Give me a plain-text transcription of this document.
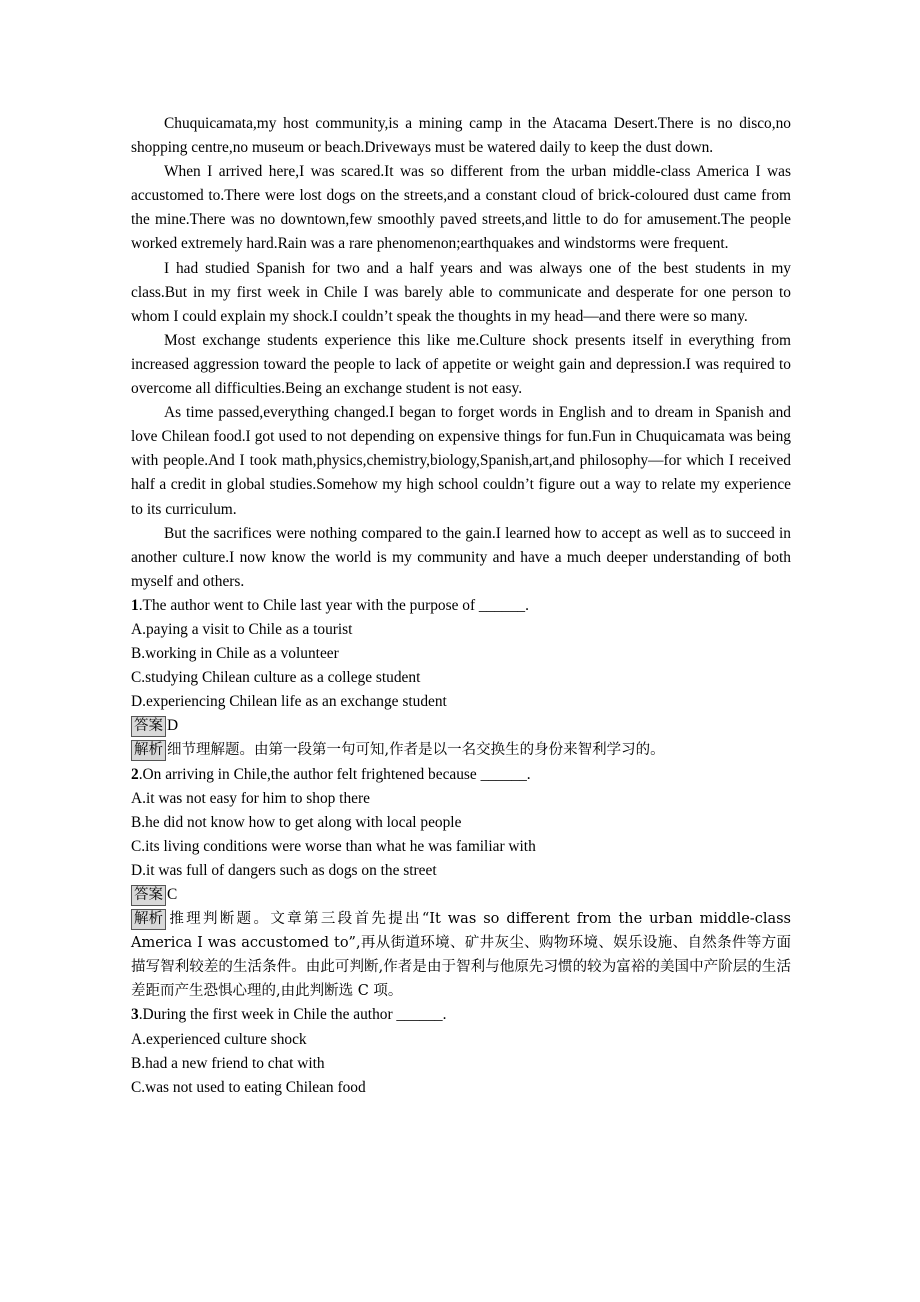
Chuquicamata,my host community,is a mining camp in the Atacama Desert.There is no disco,no shopping centre,no museum or beach.Driveways must be watered daily to keep the dust down.

When I arrived here,I was scared.It was so different from the urban middle-class America I was accustomed to.There were lost dogs on the streets,and a constant cloud of brick-coloured dust came from the mine.There was no downtown,few smoothly paved streets,and little to do for amusement.The people worked extremely hard.Rain was a rare phenomenon;earthquakes and windstorms were frequent.

I had studied Spanish for two and a half years and was always one of the best students in my class.But in my first week in Chile I was barely able to communicate and desperate for one person to whom I could explain my shock.I couldn’t speak the thoughts in my head—and there were so many.

Most exchange students experience this like me.Culture shock presents itself in everything from increased aggression toward the people to lack of appetite or weight gain and depression.I was required to overcome all difficulties.Being an exchange student is not easy.

As time passed,everything changed.I began to forget words in English and to dream in Spanish and love Chilean food.I got used to not depending on expensive things for fun.Fun in Chuquicamata was being with people.And I took math,physics,chemistry,biology,Spanish,art,and philosophy—for which I received half a credit in global studies.Somehow my high school couldn’t figure out a way to relate my experience to its curriculum.

But the sacrifices were nothing compared to the gain.I learned how to accept as well as to succeed in another culture.I now know the world is my community and have a much deeper understanding of both myself and others.

1.The author went to Chile last year with the purpose of ______.

A.paying a visit to Chile as a tourist

B.working in Chile as a volunteer

C.studying Chilean culture as a college student

D.experiencing Chilean life as an exchange student

答案 D

解析 细节理解题。由第一段第一句可知,作者是以一名交换生的身份来智利学习的。

2.On arriving in Chile,the author felt frightened because ______.

A.it was not easy for him to shop there

B.he did not know how to get along with local people

C.its living conditions were worse than what he was familiar with

D.it was full of dangers such as dogs on the street

答案 C

解析 推理判断题。文章第三段首先提出“It was so different from the urban middle-class America I was accustomed to”,再从街道环境、矿井灰尘、购物环境、娱乐设施、自然条件等方面描写智利较差的生活条件。由此可判断,作者是由于智利与他原先习惯的较为富裕的美国中产阶层的生活差距而产生恐惧心理的,由此判断选 C 项。

3.During the first week in Chile the author ______.

A.experienced culture shock

B.had a new friend to chat with

C.was not used to eating Chilean food
